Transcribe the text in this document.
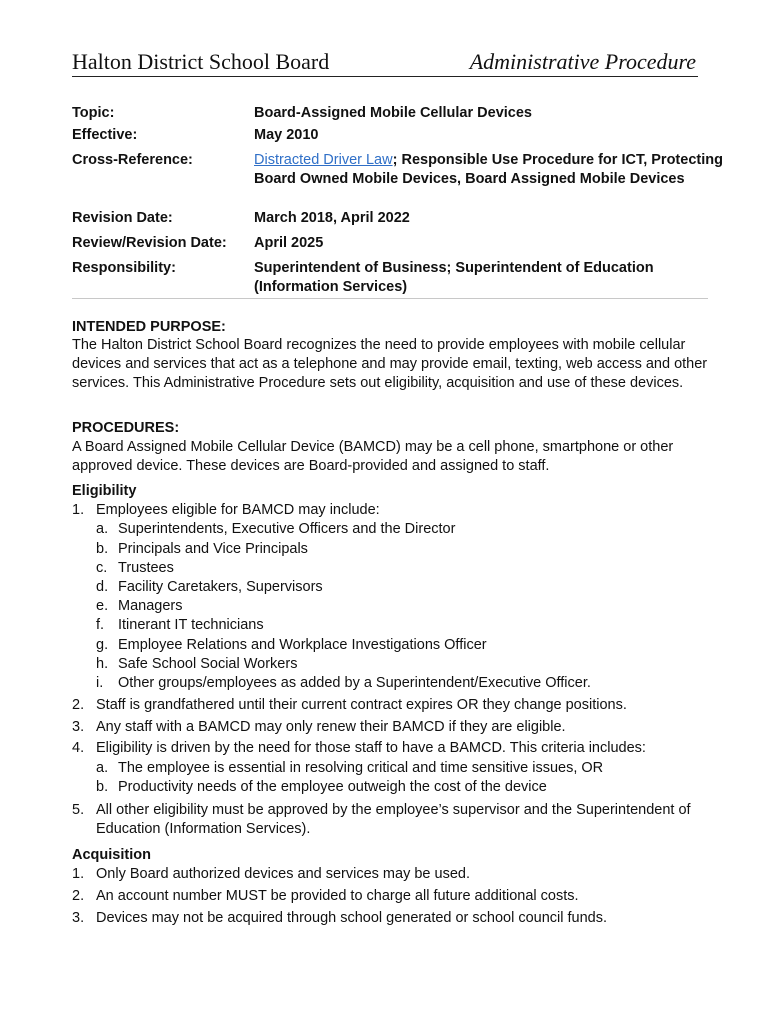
Halton District School Board	Administrative Procedure
Topic:	Board-Assigned Mobile Cellular Devices
Effective:	May 2010
Cross-Reference:	Distracted Driver Law; Responsible Use Procedure for ICT, Protecting Board Owned Mobile Devices, Board Assigned Mobile Devices
Revision Date:	March 2018, April 2022
Review/Revision Date: April 2025
Responsibility:	Superintendent of Business; Superintendent of Education (Information Services)
INTENDED PURPOSE:
The Halton District School Board recognizes the need to provide employees with mobile cellular devices and services that act as a telephone and may provide email, texting, web access and other services. This Administrative Procedure sets out eligibility, acquisition and use of these devices.
PROCEDURES:
A Board Assigned Mobile Cellular Device (BAMCD) may be a cell phone, smartphone or other approved device. These devices are Board-provided and assigned to staff.
Eligibility
1. Employees eligible for BAMCD may include:
a. Superintendents, Executive Officers and the Director
b. Principals and Vice Principals
c. Trustees
d. Facility Caretakers, Supervisors
e. Managers
f. Itinerant IT technicians
g. Employee Relations and Workplace Investigations Officer
h. Safe School Social Workers
i. Other groups/employees as added by a Superintendent/Executive Officer.
2. Staff is grandfathered until their current contract expires OR they change positions.
3. Any staff with a BAMCD may only renew their BAMCD if they are eligible.
4. Eligibility is driven by the need for those staff to have a BAMCD. This criteria includes:
a. The employee is essential in resolving critical and time sensitive issues, OR
b. Productivity needs of the employee outweigh the cost of the device
5. All other eligibility must be approved by the employee’s supervisor and the Superintendent of Education (Information Services).
Acquisition
1. Only Board authorized devices and services may be used.
2. An account number MUST be provided to charge all future additional costs.
3. Devices may not be acquired through school generated or school council funds.
